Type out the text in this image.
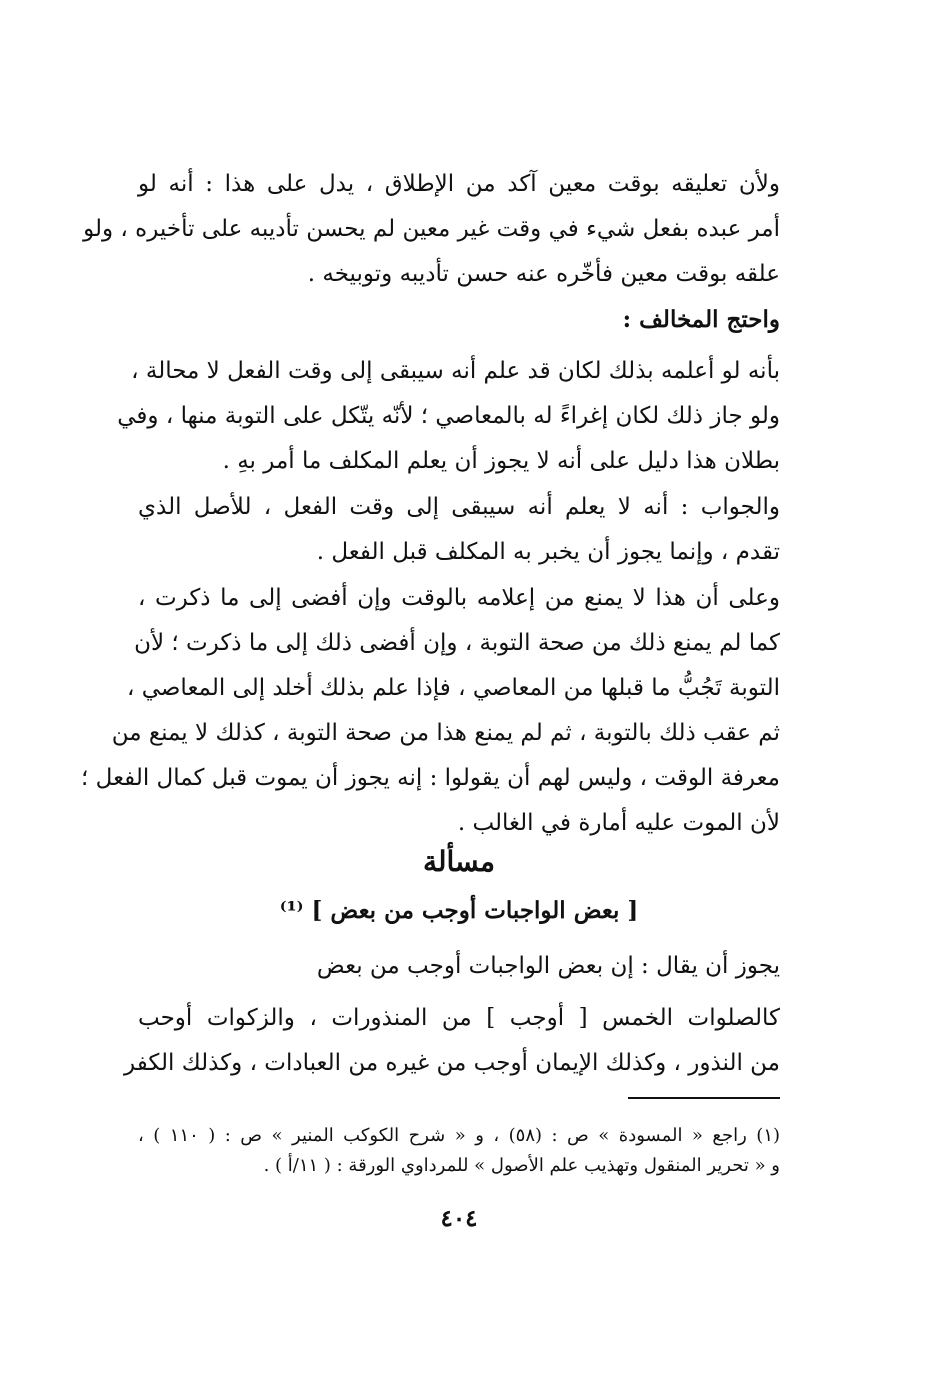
ولأن تعليقه بوقت معين آكد من الإطلاق ، يدل على هذا : أنه لو
أمر عبده بفعل شيء في وقت غير معين لم يحسن تأديبه على تأخيره ، ولو
علقه بوقت معين فأخّره عنه حسن تأديبه وتوبيخه .
واحتج المخالف :
بأنه لو أعلمه بذلك لكان قد علم أنه سيبقى إلى وقت الفعل لا محالة ،
ولو جاز ذلك لكان إغراءً له بالمعاصي ؛ لأنّه يتّكل على التوبة منها ، وفي
بطلان هذا دليل على أنه لا يجوز أن يعلم المكلف ما أمر بهِ .
والجواب : أنه لا يعلم أنه سيبقى إلى وقت الفعل ، للأصل الذي
تقدم ، وإنما يجوز أن يخبر به المكلف قبل الفعل .
وعلى أن هذا لا يمنع من إعلامه بالوقت وإن أفضى إلى ما ذكرت ،
كما لم يمنع ذلك من صحة التوبة ، وإن أفضى ذلك إلى ما ذكرت ؛ لأن
التوبة تَجُبُّ ما قبلها من المعاصي ، فإذا علم بذلك أخلد إلى المعاصي ،
ثم عقب ذلك بالتوبة ، ثم لم يمنع هذا من صحة التوبة ، كذلك لا يمنع من
معرفة الوقت ، وليس لهم أن يقولوا : إنه يجوز أن يموت قبل كمال الفعل ؛
لأن الموت عليه أمارة في الغالب .
مسألة
[ بعض الواجبات أوجب من بعض ] ⁽¹⁾
يجوز أن يقال : إن بعض الواجبات أوجب من بعض
كالصلوات الخمس [ أوجب ] من المنذورات ، والزكوات أوحب
من النذور ، وكذلك الإيمان أوجب من غيره من العبادات ، وكذلك الكفر
(١) راجع « المسودة » ص : (٥٨) ، و « شرح الكوكب المنير » ص : ( ١١٠ ) ،
و « تحرير المنقول وتهذيب علم الأصول » للمرداوي الورقة : ( ١١/أ ) .
٤٠٤
